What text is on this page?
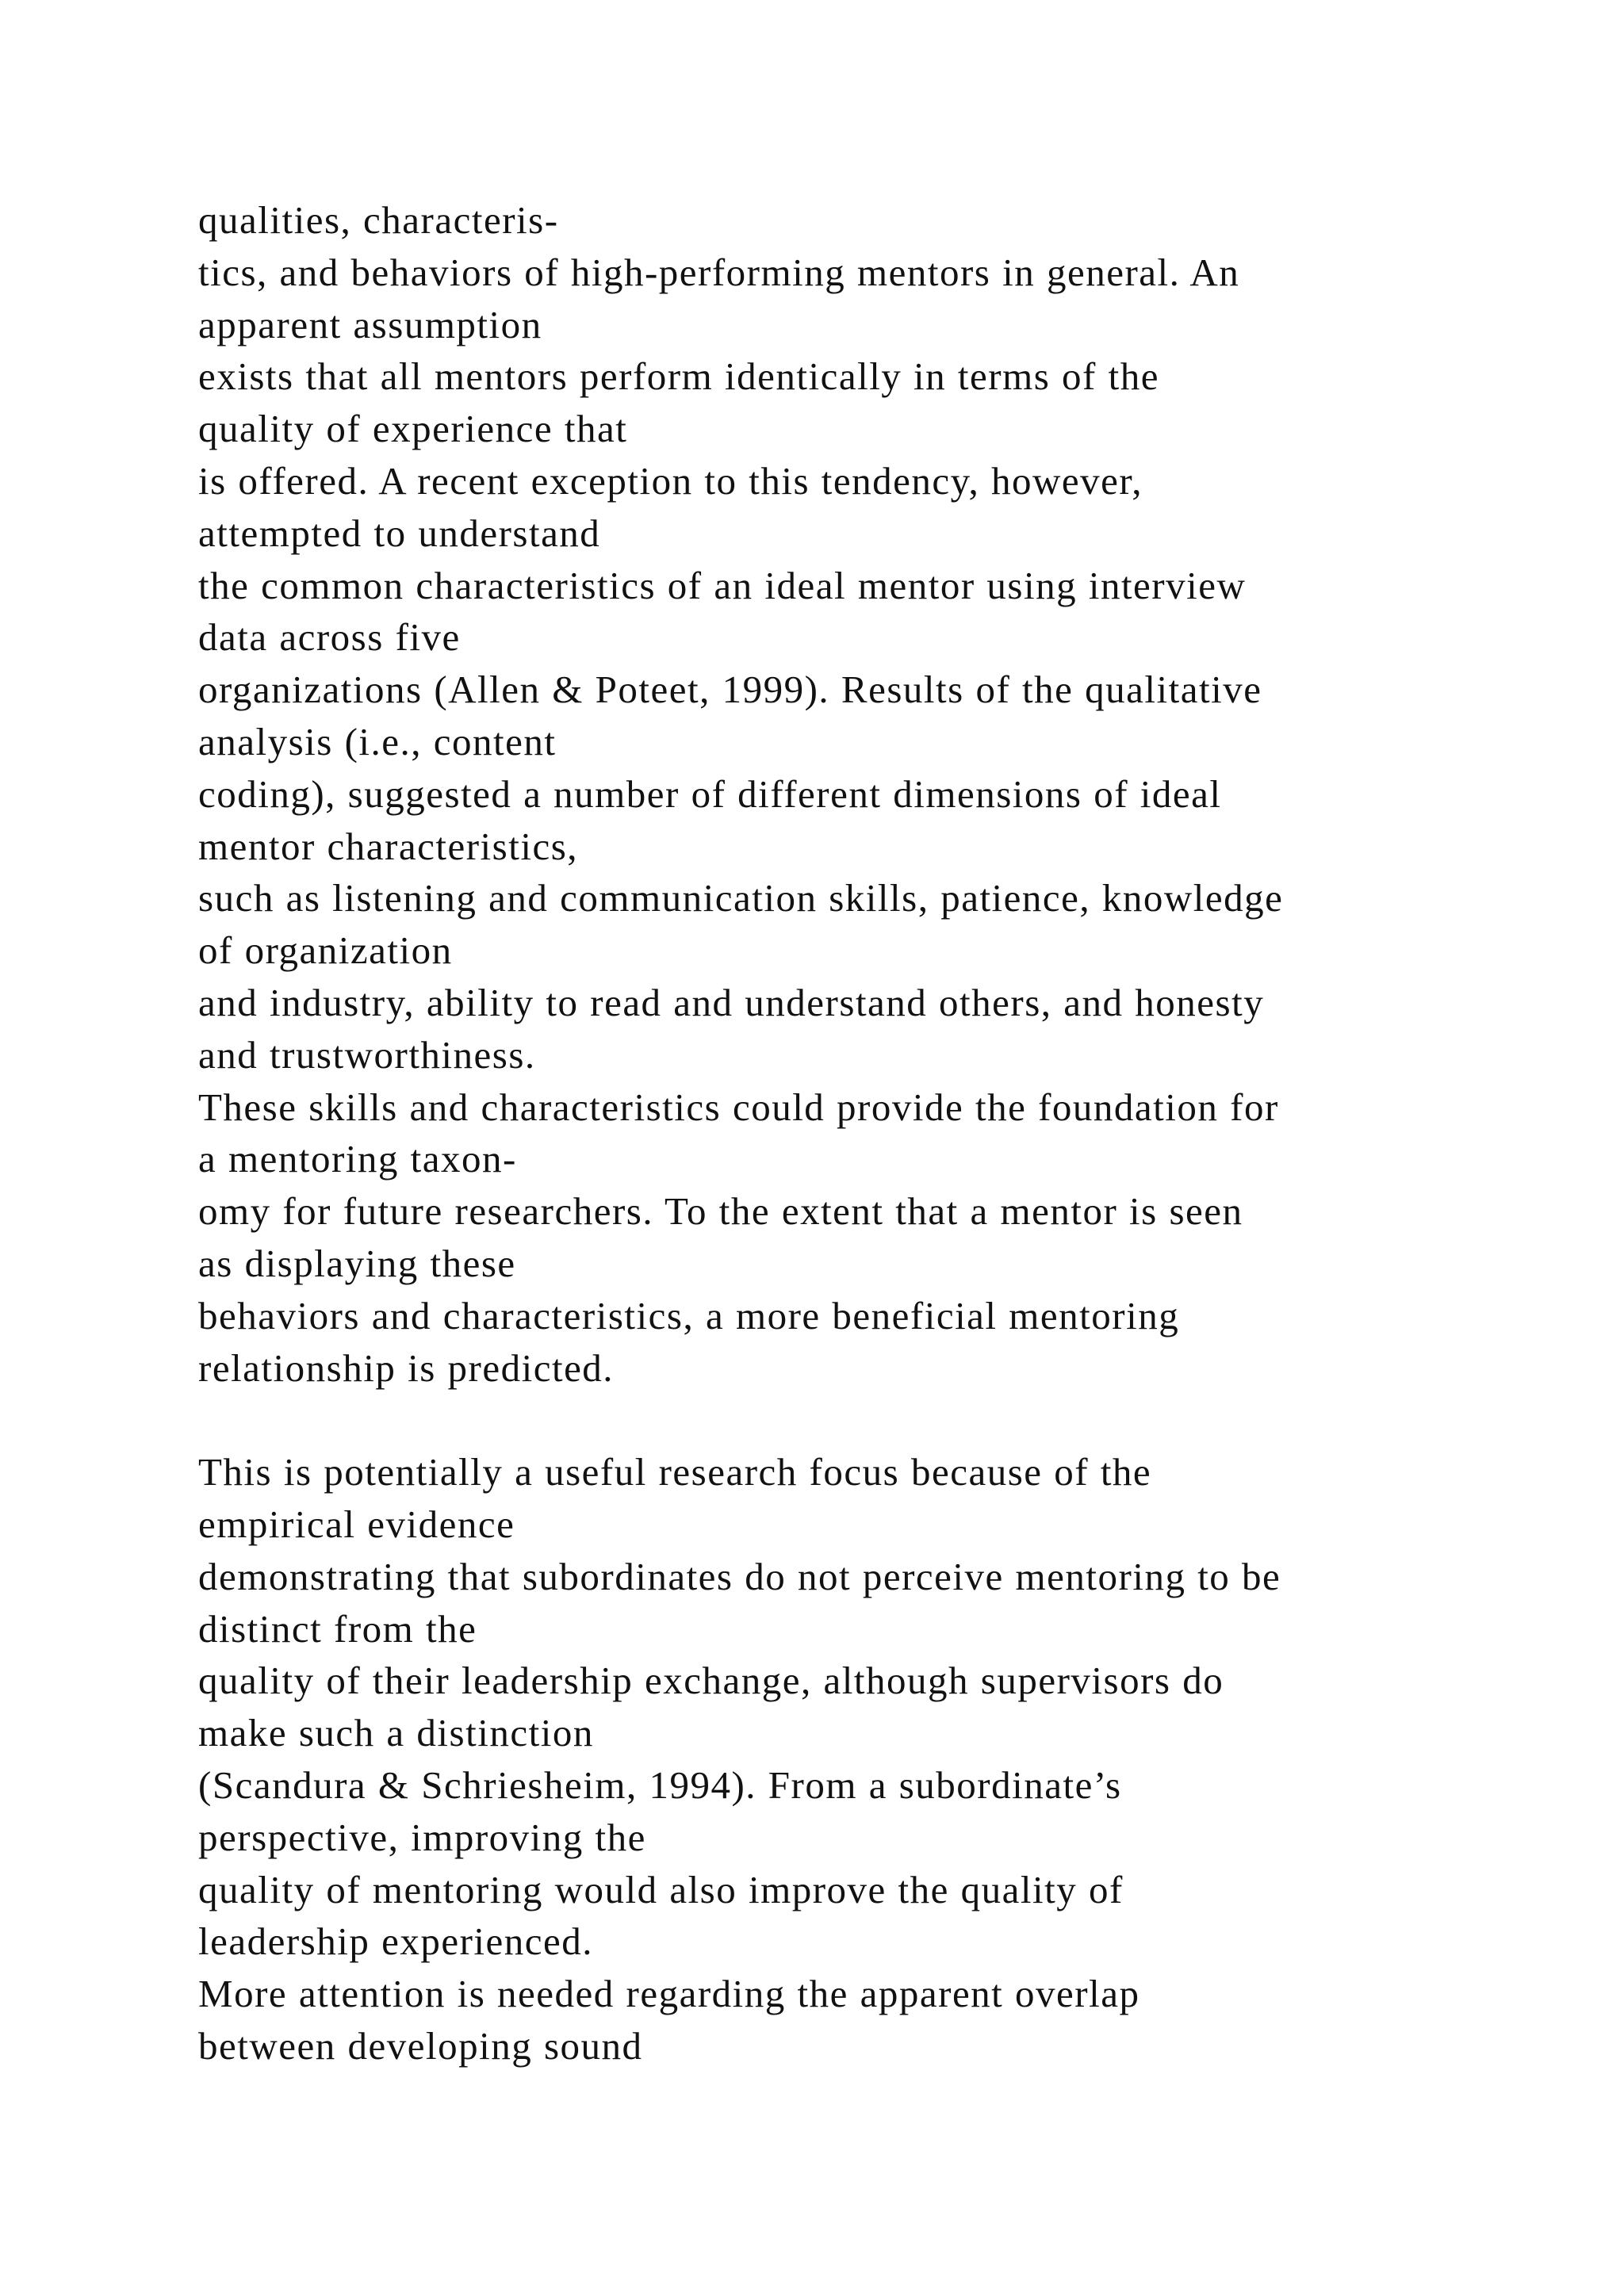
qualities, characteris-
tics, and behaviors of high-performing mentors in general. An
apparent assumption
exists that all mentors perform identically in terms of the
quality of experience that
is offered. A recent exception to this tendency, however,
attempted to understand
the common characteristics of an ideal mentor using interview
data across five
organizations (Allen & Poteet, 1999). Results of the qualitative
analysis (i.e., content
coding), suggested a number of different dimensions of ideal
mentor characteristics,
such as listening and communication skills, patience, knowledge
of organization
and industry, ability to read and understand others, and honesty
and trustworthiness.
These skills and characteristics could provide the foundation for
a mentoring taxon-
omy for future researchers. To the extent that a mentor is seen
as displaying these
behaviors and characteristics, a more beneficial mentoring
relationship is predicted.
This is potentially a useful research focus because of the
empirical evidence
demonstrating that subordinates do not perceive mentoring to be
distinct from the
quality of their leadership exchange, although supervisors do
make such a distinction
(Scandura & Schriesheim, 1994). From a subordinate’s
perspective, improving the
quality of mentoring would also improve the quality of
leadership experienced.
More attention is needed regarding the apparent overlap
between developing sound
